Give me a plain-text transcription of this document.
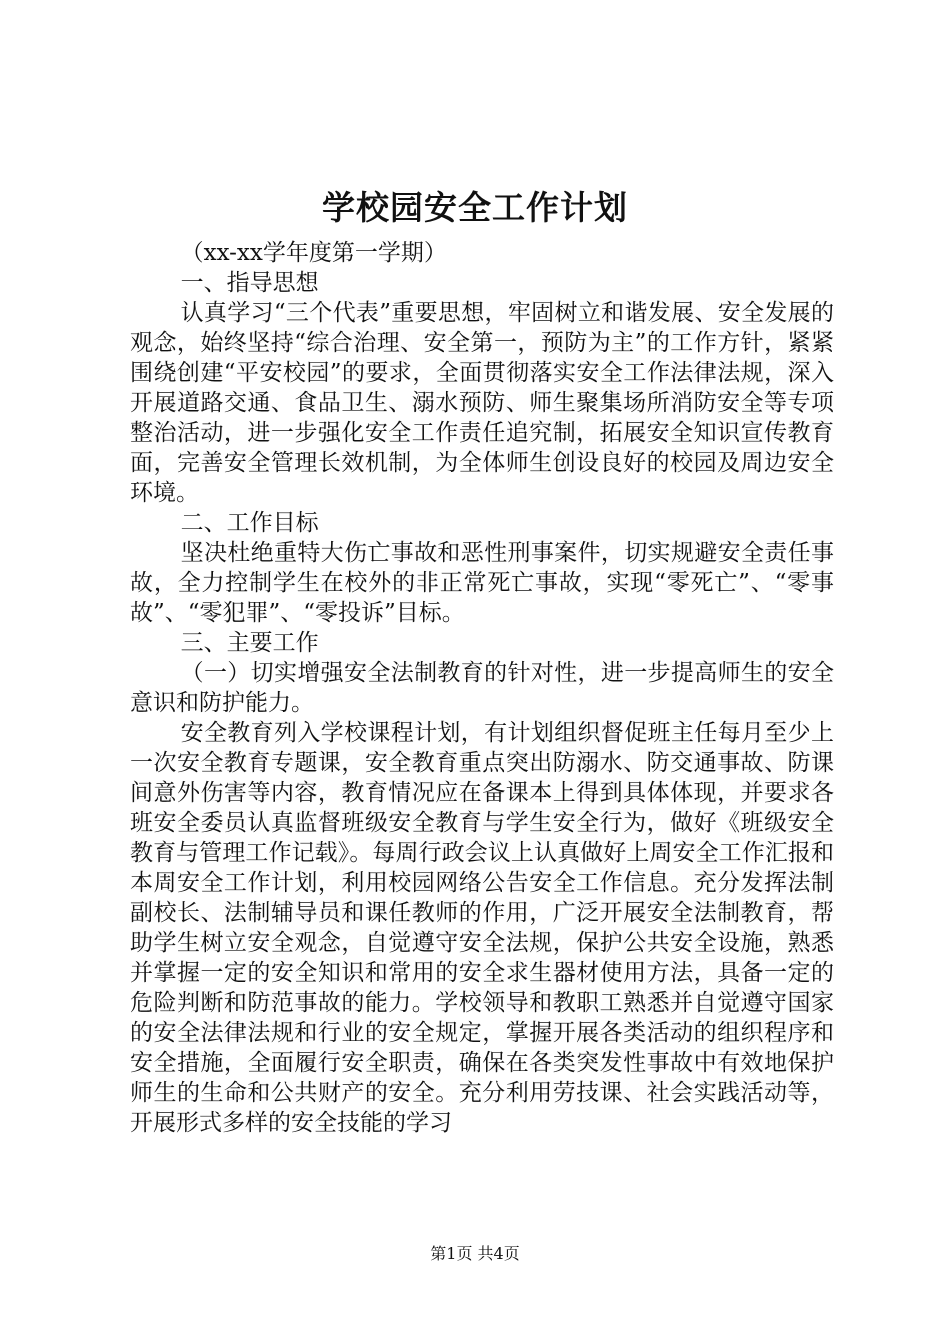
学校园安全工作计划

（xx-xx学年度第一学期）

一、指导思想

认真学习“三个代表”重要思想，牢固树立和谐发展、安全发展的观念，始终坚持“综合治理、安全第一，预防为主”的工作方针，紧紧围绕创建“平安校园”的要求，全面贯彻落实安全工作法律法规，深入开展道路交通、食品卫生、溺水预防、师生聚集场所消防安全等专项整治活动，进一步强化安全工作责任追究制，拓展安全知识宣传教育面，完善安全管理长效机制，为全体师生创设良好的校园及周边安全环境。

二、工作目标

坚决杜绝重特大伤亡事故和恶性刑事案件，切实规避安全责任事故，全力控制学生在校外的非正常死亡事故，实现“零死亡”、“零事故”、“零犯罪”、“零投诉”目标。

三、主要工作

（一）切实增强安全法制教育的针对性，进一步提高师生的安全意识和防护能力。

安全教育列入学校课程计划，有计划组织督促班主任每月至少上一次安全教育专题课，安全教育重点突出防溺水、防交通事故、防课间意外伤害等内容，教育情况应在备课本上得到具体体现，并要求各班安全委员认真监督班级安全教育与学生安全行为，做好《班级安全教育与管理工作记载》。每周行政会议上认真做好上周安全工作汇报和本周安全工作计划，利用校园网络公告安全工作信息。充分发挥法制副校长、法制辅导员和课任教师的作用，广泛开展安全法制教育，帮助学生树立安全观念，自觉遵守安全法规，保护公共安全设施，熟悉并掌握一定的安全知识和常用的安全求生器材使用方法，具备一定的危险判断和防范事故的能力。学校领导和教职工熟悉并自觉遵守国家的安全法律法规和行业的安全规定，掌握开展各类活动的组织程序和安全措施，全面履行安全职责，确保在各类突发性事故中有效地保护师生的生命和公共财产的安全。充分利用劳技课、社会实践活动等，开展形式多样的安全技能的学习

第1页 共4页
